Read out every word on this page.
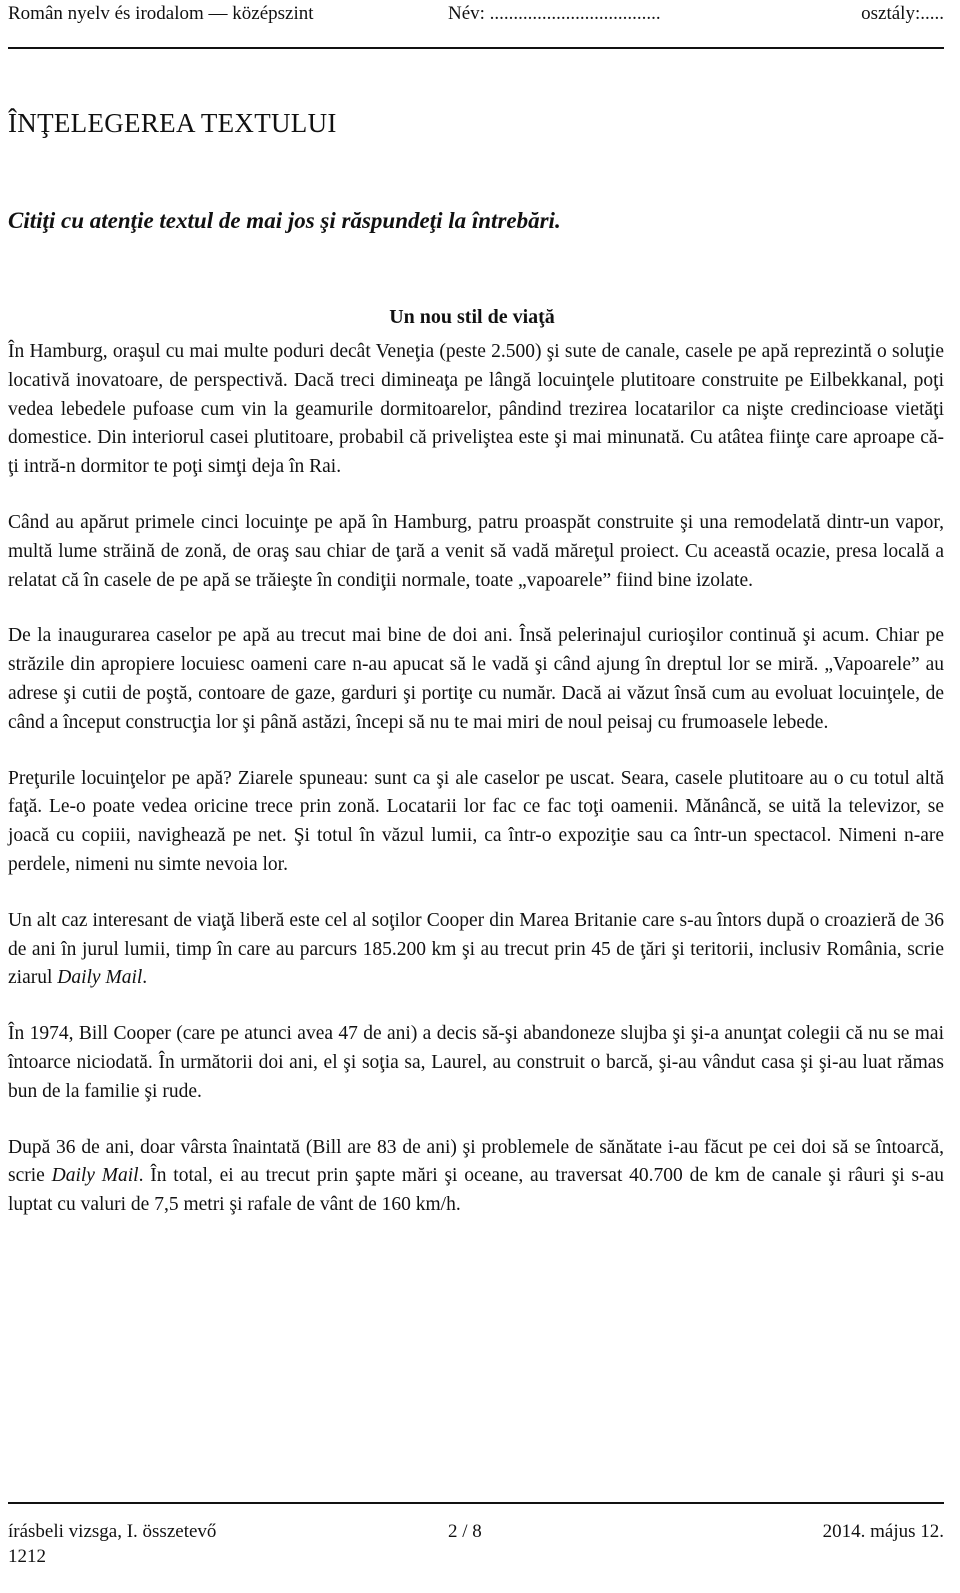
Român nyelv és irodalom — középszint	Név: ....................................	osztály:.....
ÎNŢELEGEREA TEXTULUI
Citiţi cu atenţie textul de mai jos şi răspundeţi la întrebări.
Un nou stil de viaţă

În Hamburg, oraşul cu mai multe poduri decât Veneţia (peste 2.500) şi sute de canale, casele pe apă reprezintă o soluţie locativă inovatoare, de perspectivă. Dacă treci dimineaţa pe lângă locuinţele plutitoare construite pe Eilbekkanal, poţi vedea lebedele pufoase cum vin la geamurile dormitoarelor, pândind trezirea locatarilor ca nişte credincioase vietăţi domestice. Din interiorul casei plutitoare, probabil că priveliştea este şi mai minunată. Cu atâtea fiinţe care aproape că-ţi intră-n dormitor te poţi simţi deja în Rai.

Când au apărut primele cinci locuinţe pe apă în Hamburg, patru proaspăt construite şi una remodelată dintr-un vapor, multă lume străină de zonă, de oraş sau chiar de ţară a venit să vadă măreţul proiect. Cu această ocazie, presa locală a relatat că în casele de pe apă se trăieşte în condiţii normale, toate „vapoarele” fiind bine izolate.

De la inaugurarea caselor pe apă au trecut mai bine de doi ani. Însă pelerinajul curioşilor continuă şi acum. Chiar pe străzile din apropiere locuiesc oameni care n-au apucat să le vadă şi când ajung în dreptul lor se miră. „Vapoarele” au adrese şi cutii de poştă, contoare de gaze, garduri şi portiţe cu număr. Dacă ai văzut însă cum au evoluat locuinţele, de când a început construcţia lor şi până astăzi, începi să nu te mai miri de noul peisaj cu frumoasele lebede.

Preţurile locuinţelor pe apă? Ziarele spuneau: sunt ca şi ale caselor pe uscat. Seara, casele plutitoare au o cu totul altă faţă. Le-o poate vedea oricine trece prin zonă. Locatarii lor fac ce fac toţi oamenii. Mănâncă, se uită la televizor, se joacă cu copiii, navighează pe net. Şi totul în văzul lumii, ca într-o expoziţie sau ca într-un spectacol. Nimeni n-are perdele, nimeni nu simte nevoia lor.

Un alt caz interesant de viaţă liberă este cel al soţilor Cooper din Marea Britanie care s-au întors după o croazieră de 36 de ani în jurul lumii, timp în care au parcurs 185.200 km şi au trecut prin 45 de ţări şi teritorii, inclusiv România, scrie ziarul Daily Mail.

În 1974, Bill Cooper (care pe atunci avea 47 de ani) a decis să-şi abandoneze slujba şi şi-a anunţat colegii că nu se mai întoarce niciodată. În următorii doi ani, el şi soţia sa, Laurel, au construit o barcă, şi-au vândut casa şi şi-au luat rămas bun de la familie şi rude.

După 36 de ani, doar vârsta înaintată (Bill are 83 de ani) şi problemele de sănătate i-au făcut pe cei doi să se întoarcă, scrie Daily Mail. În total, ei au trecut prin şapte mări şi oceane, au traversat 40.700 de km de canale şi râuri şi s-au luptat cu valuri de 7,5 metri şi rafale de vânt de 160 km/h.

írásbeli vizsga, I. összetevő	2 / 8	2014. május 12.
1212
